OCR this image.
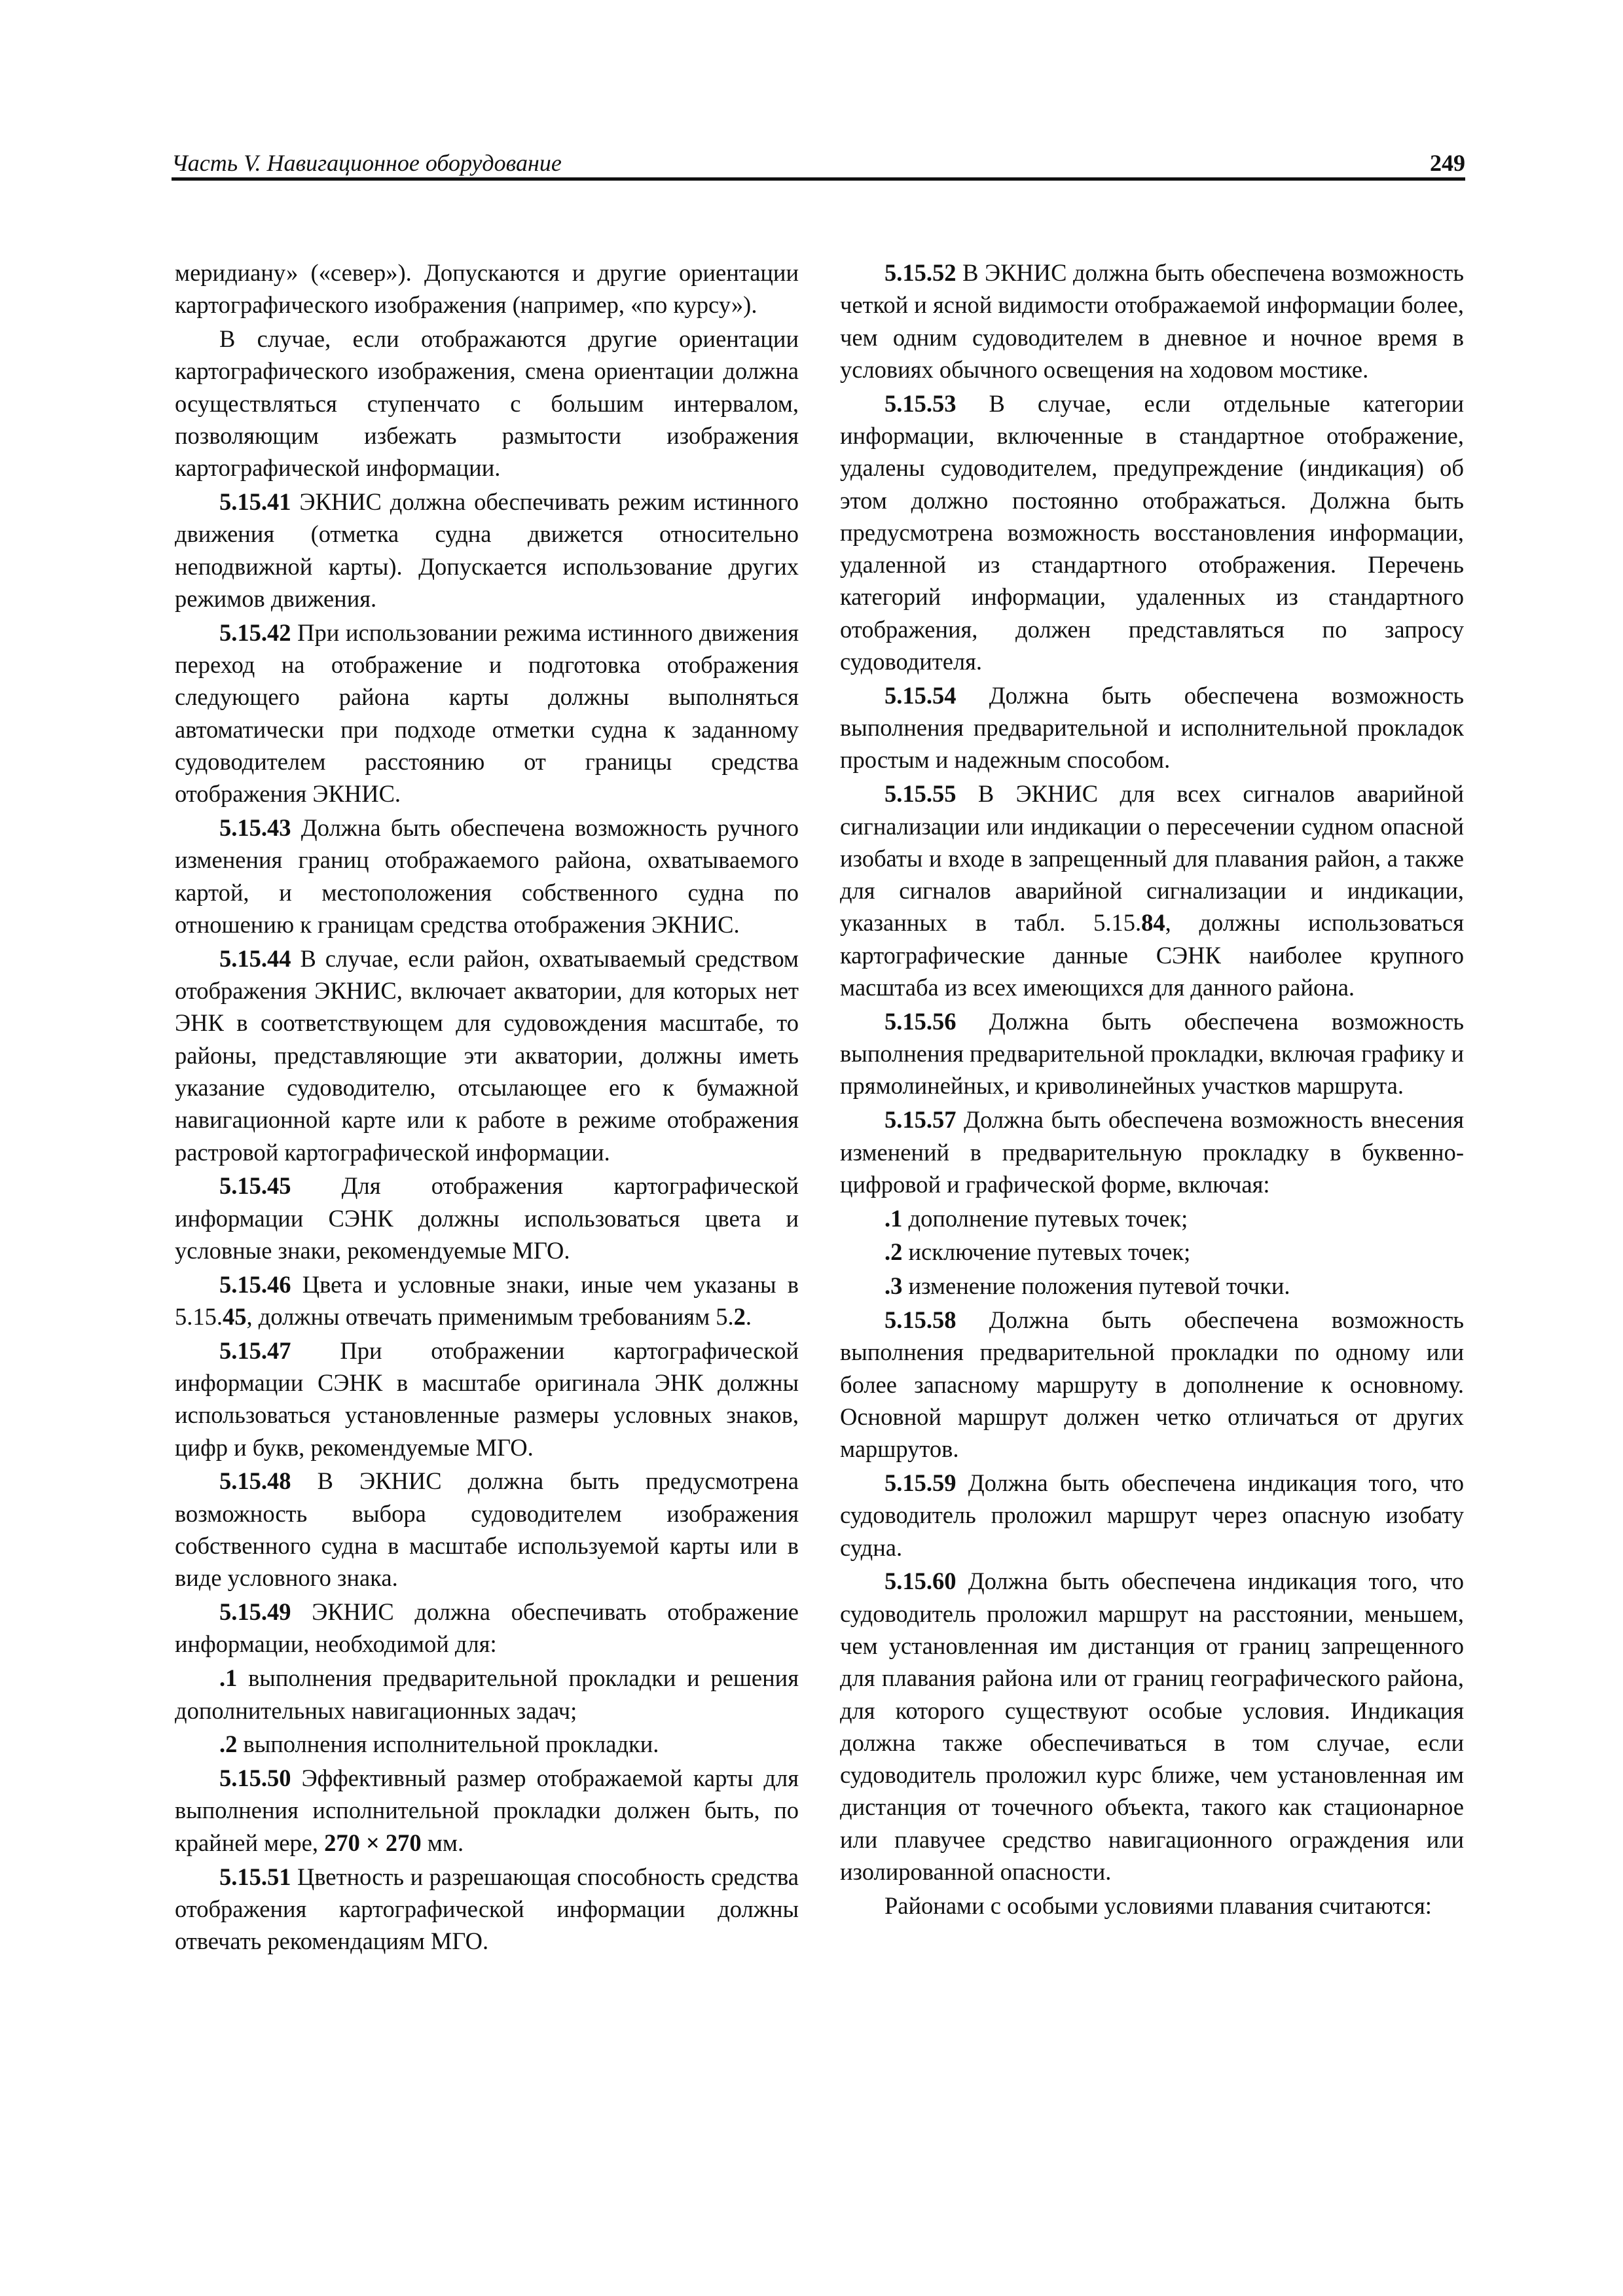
Часть V. Навигационное оборудование	249

меридиану» («север»). Допускаются и другие ориентации картографического изображения (например, «по курсу»).

В случае, если отображаются другие ориентации картографического изображения, смена ориентации должна осуществляться ступенчато с большим интервалом, позволяющим избежать размытости изображения картографической информации.

5.15.41 ЭКНИС должна обеспечивать режим истинного движения (отметка судна движется относительно неподвижной карты). Допускается использование других режимов движения.

5.15.42 При использовании режима истинного движения переход на отображение и подготовка отображения следующего района карты должны выполняться автоматически при подходе отметки судна к заданному судоводителем расстоянию от границы средства отображения ЭКНИС.

5.15.43 Должна быть обеспечена возможность ручного изменения границ отображаемого района, охватываемого картой, и местоположения собственного судна по отношению к границам средства отображения ЭКНИС.

5.15.44 В случае, если район, охватываемый средством отображения ЭКНИС, включает акватории, для которых нет ЭНК в соответствующем для судовождения масштабе, то районы, представляющие эти акватории, должны иметь указание судоводителю, отсылающее его к бумажной навигационной карте или к работе в режиме отображения растровой картографической информации.

5.15.45 Для отображения картографической информации СЭНК должны использоваться цвета и условные знаки, рекомендуемые МГО.

5.15.46 Цвета и условные знаки, иные чем указаны в 5.15.45, должны отвечать применимым требованиям 5.2.

5.15.47 При отображении картографической информации СЭНК в масштабе оригинала ЭНК должны использоваться установленные размеры условных знаков, цифр и букв, рекомендуемые МГО.

5.15.48 В ЭКНИС должна быть предусмотрена возможность выбора судоводителем изображения собственного судна в масштабе используемой карты или в виде условного знака.

5.15.49 ЭКНИС должна обеспечивать отображение информации, необходимой для:

.1 выполнения предварительной прокладки и решения дополнительных навигационных задач;

.2 выполнения исполнительной прокладки.

5.15.50 Эффективный размер отображаемой карты для выполнения исполнительной прокладки должен быть, по крайней мере, 270 × 270 мм.

5.15.51 Цветность и разрешающая способность средства отображения картографической информации должны отвечать рекомендациям МГО.

5.15.52 В ЭКНИС должна быть обеспечена возможность четкой и ясной видимости отображаемой информации более, чем одним судоводителем в дневное и ночное время в условиях обычного освещения на ходовом мостике.

5.15.53 В случае, если отдельные категории информации, включенные в стандартное отображение, удалены судоводителем, предупреждение (индикация) об этом должно постоянно отображаться. Должна быть предусмотрена возможность восстановления информации, удаленной из стандартного отображения. Перечень категорий информации, удаленных из стандартного отображения, должен представляться по запросу судоводителя.

5.15.54 Должна быть обеспечена возможность выполнения предварительной и исполнительной прокладок простым и надежным способом.

5.15.55 В ЭКНИС для всех сигналов аварийной сигнализации или индикации о пересечении судном опасной изобаты и входе в запрещенный для плавания район, а также для сигналов аварийной сигнализации и индикации, указанных в табл. 5.15.84, должны использоваться картографические данные СЭНК наиболее крупного масштаба из всех имеющихся для данного района.

5.15.56 Должна быть обеспечена возможность выполнения предварительной прокладки, включая графику и прямолинейных, и криволинейных участков маршрута.

5.15.57 Должна быть обеспечена возможность внесения изменений в предварительную прокладку в буквенно-цифровой и графической форме, включая:

.1 дополнение путевых точек;

.2 исключение путевых точек;

.3 изменение положения путевой точки.

5.15.58 Должна быть обеспечена возможность выполнения предварительной прокладки по одному или более запасному маршруту в дополнение к основному. Основной маршрут должен четко отличаться от других маршрутов.

5.15.59 Должна быть обеспечена индикация того, что судоводитель проложил маршрут через опасную изобату судна.

5.15.60 Должна быть обеспечена индикация того, что судоводитель проложил маршрут на расстоянии, меньшем, чем установленная им дистанция от границ запрещенного для плавания района или от границ географического района, для которого существуют особые условия. Индикация должна также обеспечиваться в том случае, если судоводитель проложил курс ближе, чем установленная им дистанция от точечного объекта, такого как стационарное или плавучее средство навигационного ограждения или изолированной опасности.

Районами с особыми условиями плавания считаются:
